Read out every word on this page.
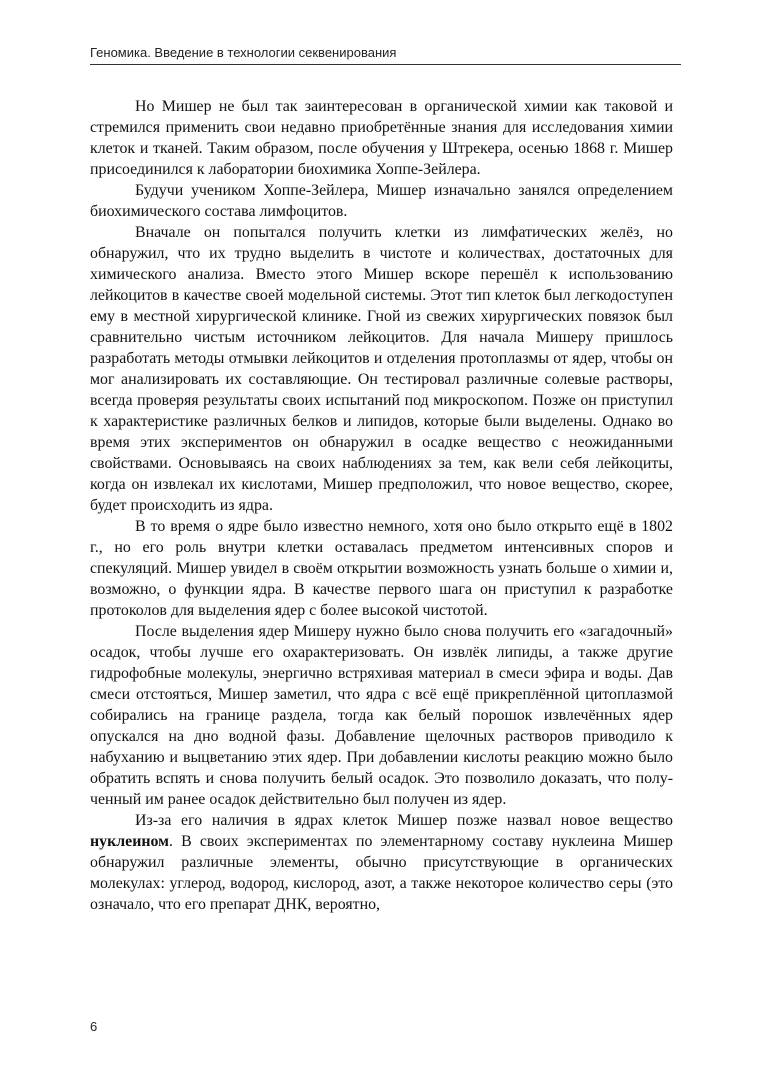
Геномика. Введение в технологии секвенирования

Но Мишер не был так заинтересован в органической химии как таковой и стремился применить свои недавно приобретённые знания для исследования химии клеток и тканей. Таким образом, после обучения у Штрекера, осенью 1868 г. Мишер присоединился к лаборатории биохимика Хоппе-Зейлера.

Будучи учеником Хоппе-Зейлера, Мишер изначально занялся определением биохимического состава лимфоцитов.

Вначале он попытался получить клетки из лимфатических желёз, но обнаружил, что их трудно выделить в чистоте и количествах, достаточных для химического анализа. Вместо этого Мишер вскоре перешёл к использованию лейкоцитов в качестве своей модельной системы. Этот тип клеток был легкодоступен ему в местной хирургической клинике. Гной из свежих хирургических повязок был сравнительно чистым источником лейкоцитов. Для начала Мишеру пришлось разработать методы отмывки лейкоцитов и отделения протоплазмы от ядер, чтобы он мог анализировать их составляющие. Он тестировал различные солевые растворы, всегда проверяя результаты своих испытаний под микроскопом. Позже он приступил к характеристике различных белков и липидов, которые были выделены. Однако во время этих экспериментов он обнаружил в осадке вещество с неожиданными свойствами. Основываясь на своих наблюдениях за тем, как вели себя лейкоциты, когда он извлекал их кислотами, Мишер предположил, что новое вещество, скорее, будет происходить из ядра.

В то время о ядре было известно немного, хотя оно было открыто ещё в 1802 г., но его роль внутри клетки оставалась предметом интенсивных споров и спекуляций. Мишер увидел в своём открытии возможность узнать больше о химии и, возможно, о функции ядра. В качестве первого шага он приступил к разработке протоколов для выделения ядер с более высокой чистотой.

После выделения ядер Мишеру нужно было снова получить его «загадочный» осадок, чтобы лучше его охарактеризовать. Он извлёк липиды, а также другие гидрофобные молекулы, энергично встряхивая материал в смеси эфира и воды. Дав смеси отстояться, Мишер заметил, что ядра с всё ещё прикреплённой цитоплазмой собирались на границе раздела, тогда как белый порошок извлечённых ядер опускался на дно водной фазы. Добавление щелочных растворов приводило к набуханию и выцветанию этих ядер. При добавлении кислоты реакцию можно было обратить вспять и снова получить белый осадок. Это позволило доказать, что полученный им ранее осадок действительно был получен из ядер.

Из-за его наличия в ядрах клеток Мишер позже назвал новое вещество нуклеином. В своих экспериментах по элементарному составу нуклеина Мишер обнаружил различные элементы, обычно присутствующие в органических молекулах: углерод, водород, кислород, азот, а также некоторое количество серы (это означало, что его препарат ДНК, вероятно,

6
